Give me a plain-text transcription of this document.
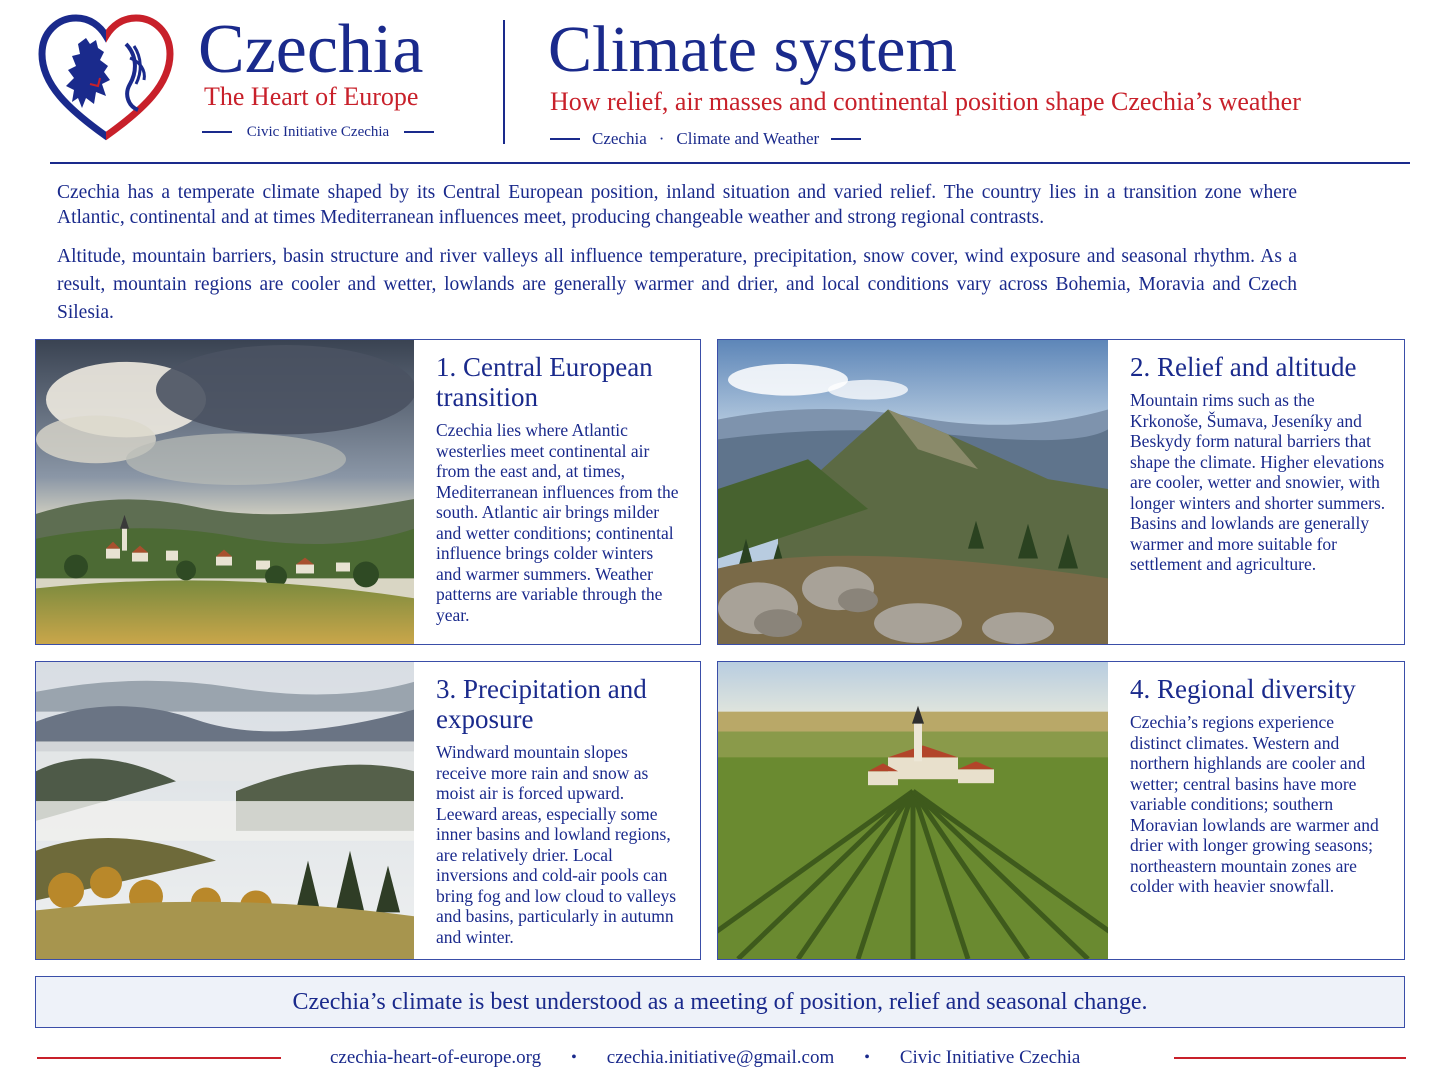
Czechia
The Heart of Europe
Civic Initiative Czechia
Climate system
How relief, air masses and continental position shape Czechia’s weather
Czechia · Climate and Weather

Czechia has a temperate climate shaped by its Central European position, inland situation and varied relief. The country lies in a transition zone where Atlantic, continental and at times Mediterranean influences meet, producing changeable weather and strong regional contrasts.

Altitude, mountain barriers, basin structure and river valleys all influence temperature, precipitation, snow cover, wind exposure and seasonal rhythm. As a result, mountain regions are cooler and wetter, lowlands are generally warmer and drier, and local conditions vary across Bohemia, Moravia and Czech Silesia.

1. Central European transition

Czechia lies where Atlantic westerlies meet continental air from the east and, at times, Mediterranean influences from the south. Atlantic air brings milder and wetter conditions; continental influence brings colder winters and warmer summers. Weather patterns are variable through the year.

2. Relief and altitude

Mountain rims such as the Krkonoše, Šumava, Jeseníky and Beskydy form natural barriers that shape the climate. Higher elevations are cooler, wetter and snowier, with longer winters and shorter summers. Basins and lowlands are generally warmer and more suitable for settlement and agriculture.

3. Precipitation and exposure

Windward mountain slopes receive more rain and snow as moist air is forced upward. Leeward areas, especially some inner basins and lowland regions, are relatively drier. Local inversions and cold-air pools can bring fog and low cloud to valleys and basins, particularly in autumn and winter.

4. Regional diversity

Czechia’s regions experience distinct climates. Western and northern highlands are cooler and wetter; central basins have more variable conditions; southern Moravian lowlands are warmer and drier with longer growing seasons; northeastern mountain zones are colder with heavier snowfall.

Czechia’s climate is best understood as a meeting of position, relief and seasonal change.
czechia-heart-of-europe.org • czechia.initiative@gmail.com • Civic Initiative Czechia
